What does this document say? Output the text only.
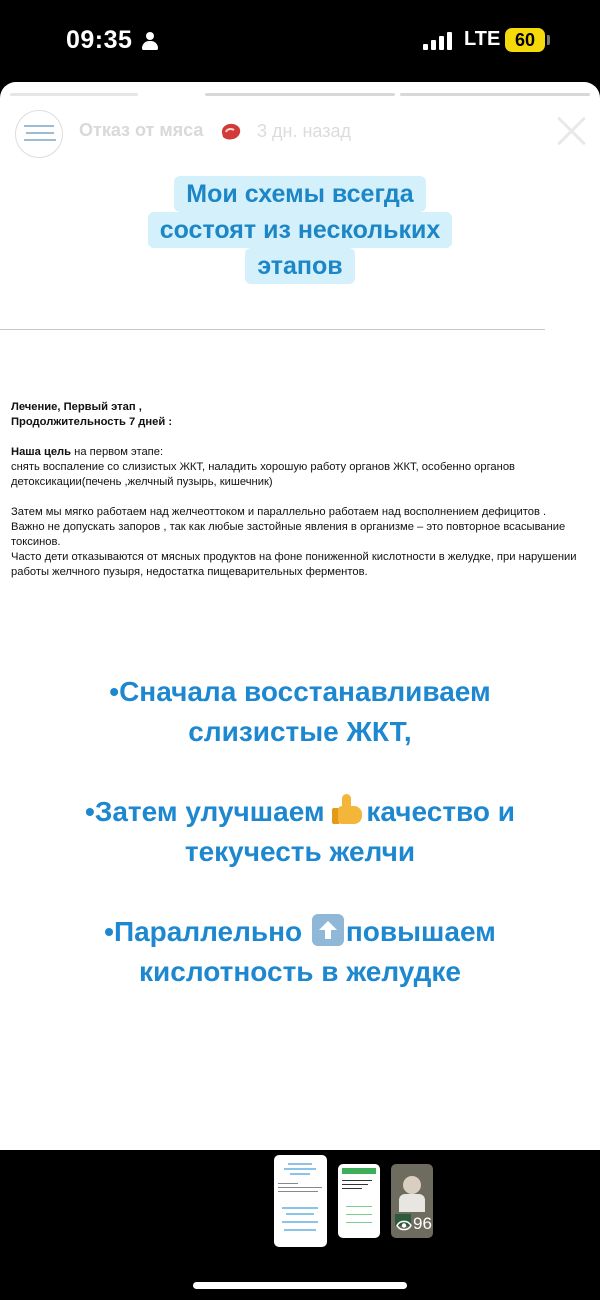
09:35	LTE 60
Отказ от мяса	3 дн. назад
Мои схемы всегда
состоят из нескольких
этапов

Лечение, Первый этап ,

Продолжительность 7 дней :

Наша цель на первом этапе:

снять воспаление со слизистых ЖКТ, наладить хорошую работу органов ЖКТ, особенно органов

детоксикации(печень ,желчный пузырь, кишечник)

Затем мы мягко работаем над желчеоттоком и параллельно работаем над восполнением дефицитов .

Важно не допускать запоров , так как любые застойные явления в организме – это повторное всасывание

токсинов.

Часто дети отказываются от мясных продуктов на фоне пониженной кислотности в желудке, при нарушении

работы желчного пузыря, недостатка пищеварительных ферментов.

•Сначала восстанавливаем
слизистые ЖКТ,
•Затем улучшаем
качество и
текучесть желчи
•Параллельно
повышаем
кислотность в желудке
96
